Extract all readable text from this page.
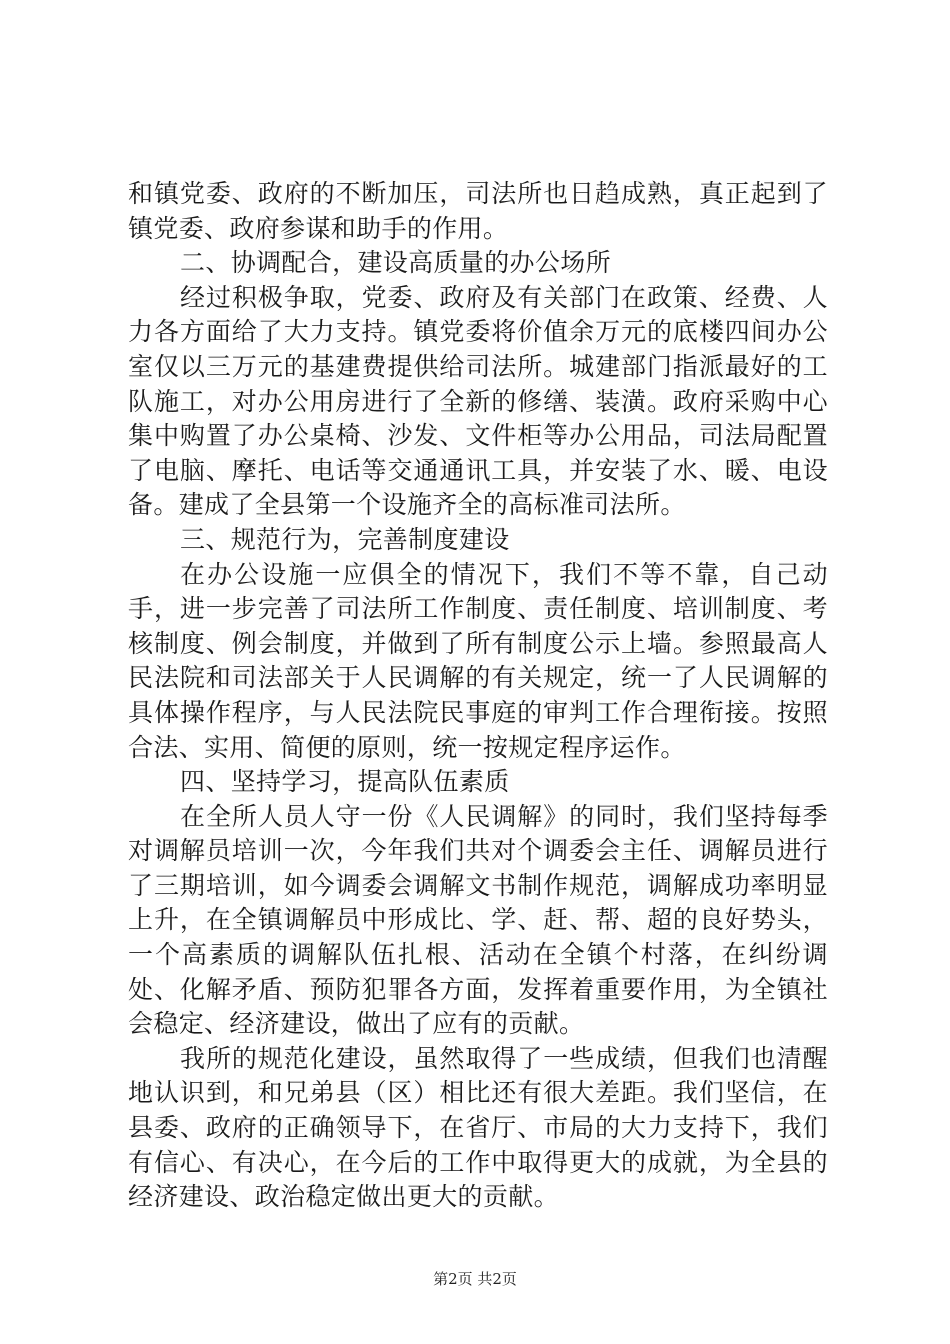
和镇党委、政府的不断加压，司法所也日趋成熟，真正起到了镇党委、政府参谋和助手的作用。

二、协调配合，建设高质量的办公场所

经过积极争取，党委、政府及有关部门在政策、经费、人力各方面给了大力支持。镇党委将价值余万元的底楼四间办公室仅以三万元的基建费提供给司法所。城建部门指派最好的工队施工，对办公用房进行了全新的修缮、装潢。政府采购中心集中购置了办公桌椅、沙发、文件柜等办公用品，司法局配置了电脑、摩托、电话等交通通讯工具，并安装了水、暖、电设备。建成了全县第一个设施齐全的高标准司法所。

三、规范行为，完善制度建设

在办公设施一应俱全的情况下，我们不等不靠，自己动手，进一步完善了司法所工作制度、责任制度、培训制度、考核制度、例会制度，并做到了所有制度公示上墙。参照最高人民法院和司法部关于人民调解的有关规定，统一了人民调解的具体操作程序，与人民法院民事庭的审判工作合理衔接。按照合法、实用、简便的原则，统一按规定程序运作。

四、坚持学习，提高队伍素质

在全所人员人守一份《人民调解》的同时，我们坚持每季对调解员培训一次，今年我们共对个调委会主任、调解员进行了三期培训，如今调委会调解文书制作规范，调解成功率明显上升，在全镇调解员中形成比、学、赶、帮、超的良好势头，一个高素质的调解队伍扎根、活动在全镇个村落，在纠纷调处、化解矛盾、预防犯罪各方面，发挥着重要作用，为全镇社会稳定、经济建设，做出了应有的贡献。

我所的规范化建设，虽然取得了一些成绩，但我们也清醒地认识到，和兄弟县（区）相比还有很大差距。我们坚信，在县委、政府的正确领导下，在省厅、市局的大力支持下，我们有信心、有决心，在今后的工作中取得更大的成就，为全县的经济建设、政治稳定做出更大的贡献。

第2页 共2页
